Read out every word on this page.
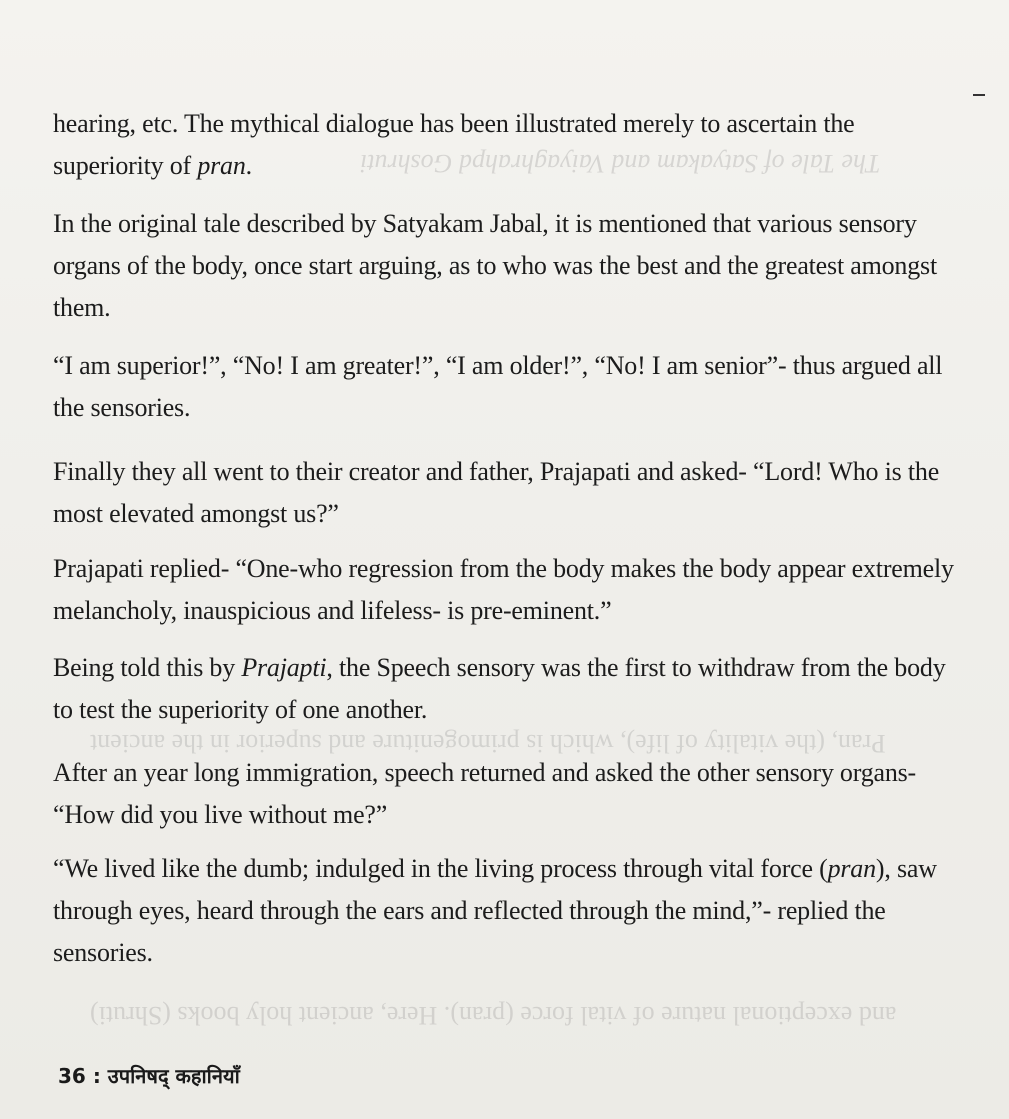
The Tale of Satyakam and Vaiyaghrahpd Goshruti
Pran, (the vitality of life), which is primogeniture and superior in the ancient
and exceptional nature of vital force (pran). Here, ancient holy books (Shruti)

hearing, etc. The mythical dialogue has been illustrated merely to ascertain the superiority of pran.

In the original tale described by Satyakam Jabal, it is mentioned that various sensory organs of the body, once start arguing, as to who was the best and the greatest amongst them.

“I am superior!”, “No! I am greater!”, “I am older!”, “No! I am senior”- thus argued all the sensories.

Finally they all went to their creator and father, Prajapati and asked- “Lord! Who is the most elevated amongst us?”

Prajapati replied- “One-who regression from the body makes the body appear extremely melancholy, inauspicious and lifeless- is pre-eminent.”

Being told this by Prajapti, the Speech sensory was the first to withdraw from the body to test the superiority of one another.

After an year long immigration, speech returned and asked the other sensory organs- “How did you live without me?”

“We lived like the dumb; indulged in the living process through vital force (pran), saw through eyes, heard through the ears and reflected through the mind,”- replied the sensories.

36 : उपनिषद् कहानियाँ
